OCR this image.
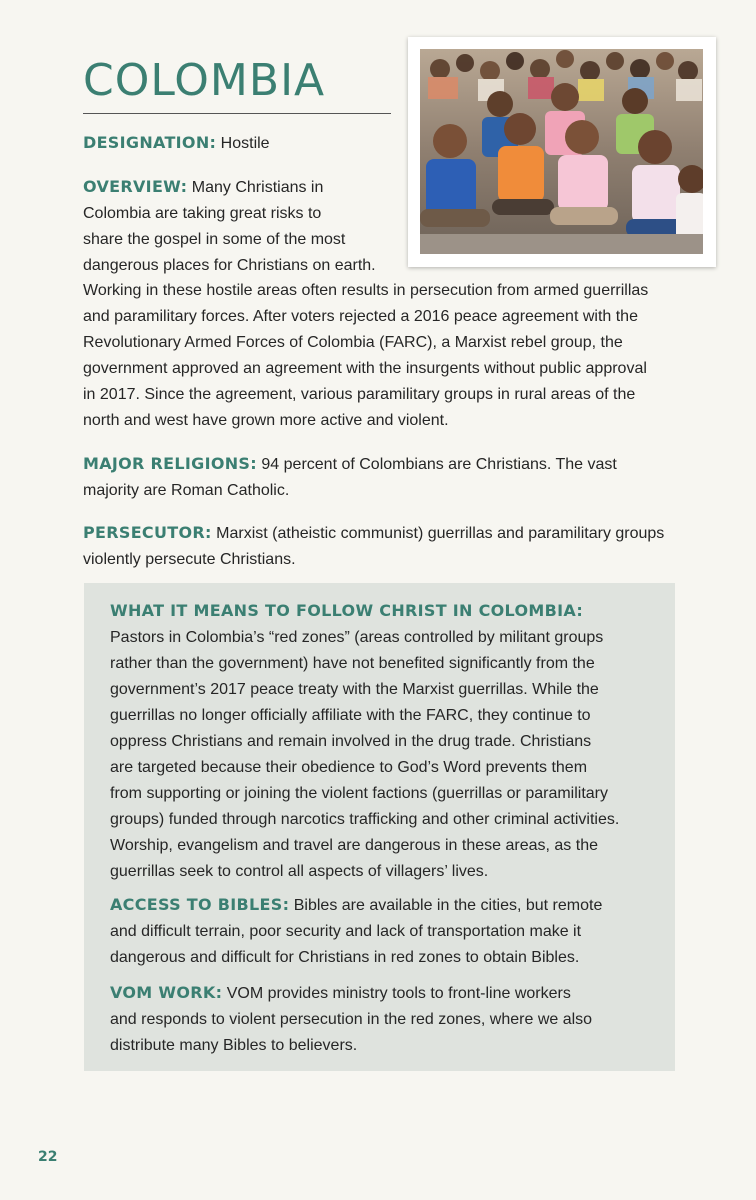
COLOMBIA
DESIGNATION: Hostile
OVERVIEW: Many Christians in
Colombia are taking great risks to
share the gospel in some of the most
dangerous places for Christians on earth.
Working in these hostile areas often results in persecution from armed guerrillas
and paramilitary forces. After voters rejected a 2016 peace agreement with the
Revolutionary Armed Forces of Colombia (FARC), a Marxist rebel group, the
government approved an agreement with the insurgents without public approval
in 2017. Since the agreement, various paramilitary groups in rural areas of the
north and west have grown more active and violent.
MAJOR RELIGIONS: 94 percent of Colombians are Christians. The vast
majority are Roman Catholic.
PERSECUTOR: Marxist (atheistic communist) guerrillas and paramilitary groups
violently persecute Christians.
WHAT IT MEANS TO FOLLOW CHRIST IN COLOMBIA:
Pastors in Colombia’s “red zones” (areas controlled by militant groups
rather than the government) have not benefited significantly from the
government’s 2017 peace treaty with the Marxist guerrillas. While the
guerrillas no longer officially affiliate with the FARC, they continue to
oppress Christians and remain involved in the drug trade. Christians
are targeted because their obedience to God’s Word prevents them
from supporting or joining the violent factions (guerrillas or paramilitary
groups) funded through narcotics trafficking and other criminal activities.
Worship, evangelism and travel are dangerous in these areas, as the
guerrillas seek to control all aspects of villagers’ lives.
ACCESS TO BIBLES: Bibles are available in the cities, but remote
and difficult terrain, poor security and lack of transportation make it
dangerous and difficult for Christians in red zones to obtain Bibles.
VOM WORK: VOM provides ministry tools to front-line workers
and responds to violent persecution in the red zones, where we also
distribute many Bibles to believers.
22
